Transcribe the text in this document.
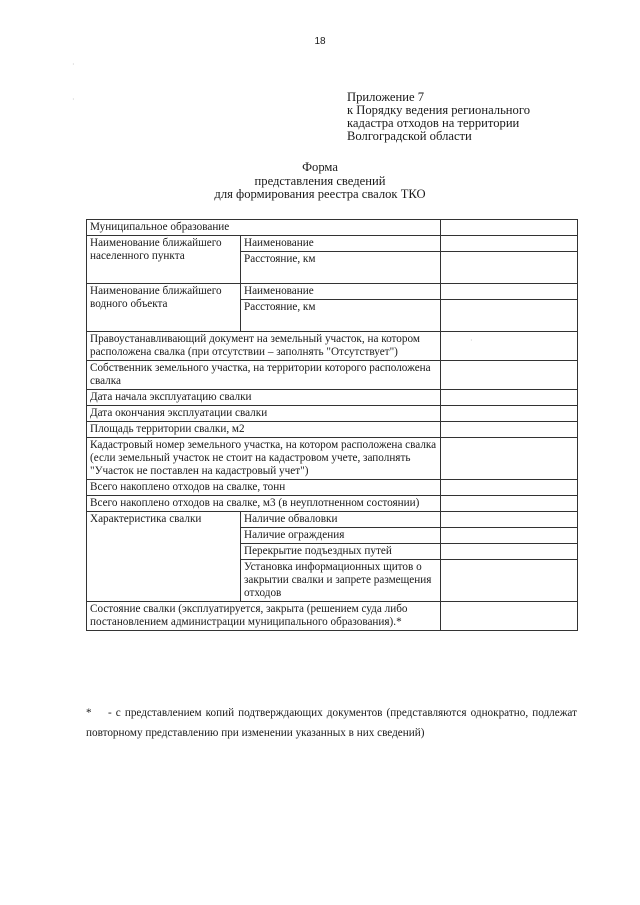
18
Приложение 7
к Порядку ведения регионального
кадастра отходов на территории
Волгоградской области
Форма
представления сведений
для формирования реестра свалок ТКО
Муниципальное образование		
Наименование ближайшего населенного пункта	Наименование	
	Расстояние, км	
Наименование ближайшего водного объекта	Наименование	
	Расстояние, км	
Правоустанавливающий документ на земельный участок, на котором расположена свалка (при отсутствии – заполнять "Отсутствует")		
Собственник земельного участка, на территории которого расположена свалка		
Дата начала эксплуатацию свалки		
Дата окончания эксплуатации свалки		
Площадь территории свалки, м2		
Кадастровый номер земельного участка, на котором расположена свалка (если земельный участок не стоит на кадастровом учете, заполнять "Участок не поставлен на кадастровый учет")		
Всего накоплено отходов на свалке, тонн		
Всего накоплено отходов на свалке, м3 (в неуплотненном состоянии)		
Характеристика свалки	Наличие обваловки	
	Наличие ограждения	
	Перекрытие подъездных путей	
	Установка информационных щитов о закрытии свалки и запрете размещения отходов	
Состояние свалки (эксплуатируется, закрыта (решением суда либо постановлением администрации муниципального образования).*		
* - с представлением копий подтверждающих документов (представляются однократно, подлежат повторному представлению при изменении указанных в них сведений)
·
·
·
